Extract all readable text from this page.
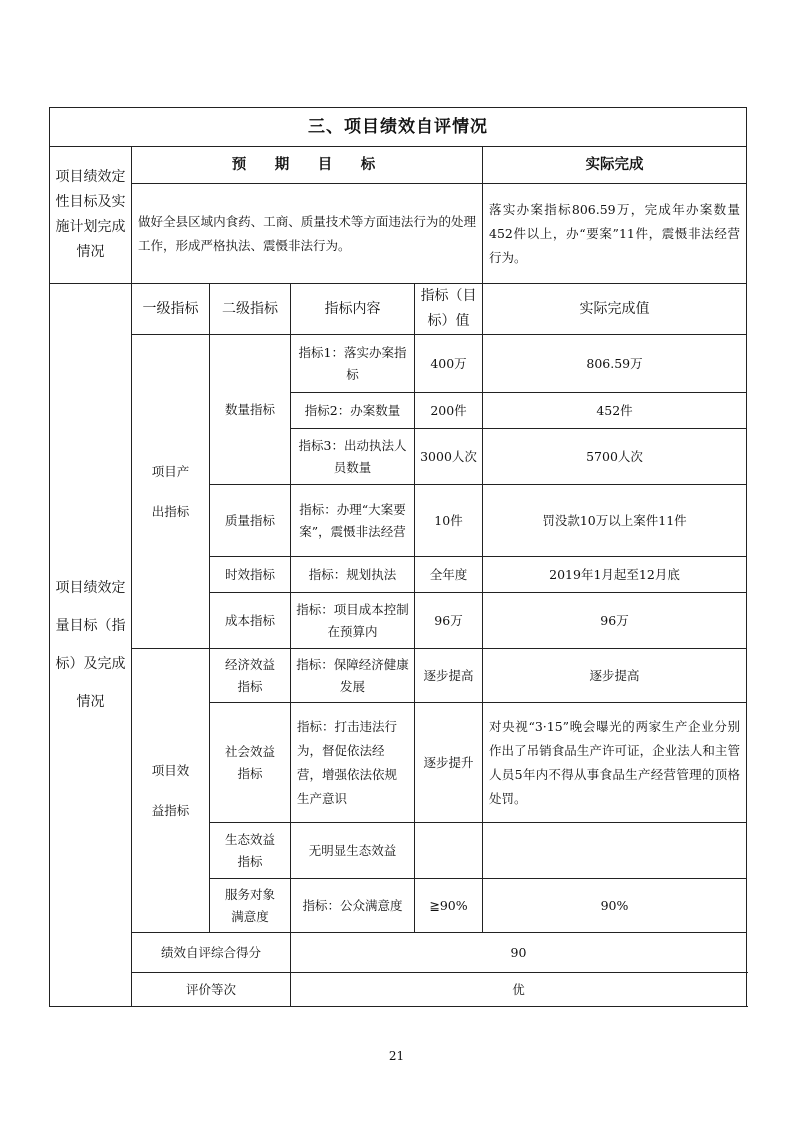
三、项目绩效自评情况					
项目绩效定性目标及实施计划完成情况	预　期　目　标				实际完成
	做好全县区域内食药、工商、质量技术等方面违法行为的处理工作，形成严格执法、震慑非法行为。				落实办案指标806.59万，完成年办案数量452件以上，办“要案”11件，震慑非法经营行为。
项目绩效定量目标（指标）及完成情况	一级指标	二级指标	指标内容	指标（目标）值	实际完成值
	项目产出指标	数量指标	指标1：落实办案指标	400万	806.59万
			指标2：办案数量	200件	452件
			指标3：出动执法人员数量	3000人次	5700人次
		质量指标	指标：办理“大案要案”，震慑非法经营	10件	罚没款10万以上案件11件
		时效指标	指标：规划执法	全年度	2019年1月起至12月底
		成本指标	指标：项目成本控制在预算内	96万	96万
	项目效益指标	经济效益指标	指标：保障经济健康发展	逐步提高	逐步提高
		社会效益指标	指标：打击违法行为，督促依法经营，增强依法依规生产意识	逐步提升	对央视“3·15”晚会曝光的两家生产企业分别作出了吊销食品生产许可证，企业法人和主管人员5年内不得从事食品生产经营管理的顶格处罚。
		生态效益指标	无明显生态效益		
		服务对象满意度	指标：公众满意度	≧90%	90%
	绩效自评综合得分		90		
	评价等次		优		
21
